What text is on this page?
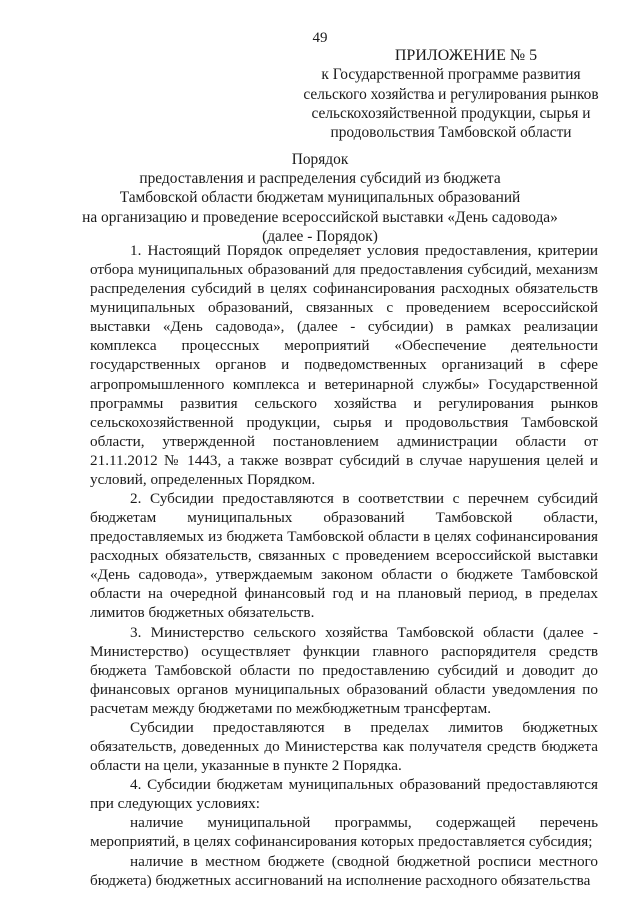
49
ПРИЛОЖЕНИЕ № 5
к Государственной программе развития
сельского хозяйства и регулирования рынков
сельскохозяйственной продукции, сырья и
продовольствия Тамбовской области
Порядок
предоставления и распределения субсидий из бюджета
Тамбовской области бюджетам муниципальных образований
на организацию и проведение всероссийской выставки «День садовода»
(далее - Порядок)

1. Настоящий Порядок определяет условия предоставления, критерии отбора муниципальных образований для предоставления субсидий, механизм распределения субсидий в целях софинансирования расходных обязательств муниципальных образований, связанных с проведением всероссийской выставки «День садовода», (далее - субсидии) в рамках реализации комплекса процессных мероприятий «Обеспечение деятельности государственных органов и подведомственных организаций в сфере агропромышленного комплекса и ветеринарной службы» Государственной программы развития сельского хозяйства и регулирования рынков сельскохозяйственной продукции, сырья и продовольствия Тамбовской области, утвержденной постановлением администрации области от 21.11.2012 № 1443, а также возврат субсидий в случае нарушения целей и условий, определенных Порядком.

2. Субсидии предоставляются в соответствии с перечнем субсидий бюджетам муниципальных образований Тамбовской области, предоставляемых из бюджета Тамбовской области в целях софинансирования расходных обязательств, связанных с проведением всероссийской выставки «День садовода», утверждаемым законом области о бюджете Тамбовской области на очередной финансовый год и на плановый период, в пределах лимитов бюджетных обязательств.

3. Министерство сельского хозяйства Тамбовской области (далее - Министерство) осуществляет функции главного распорядителя средств бюджета Тамбовской области по предоставлению субсидий и доводит до финансовых органов муниципальных образований области уведомления по расчетам между бюджетами по межбюджетным трансфертам.

Субсидии предоставляются в пределах лимитов бюджетных обязательств, доведенных до Министерства как получателя средств бюджета области на цели, указанные в пункте 2 Порядка.

4. Субсидии бюджетам муниципальных образований предоставляются при следующих условиях:

наличие муниципальной программы, содержащей перечень мероприятий, в целях софинансирования которых предоставляется субсидия;

наличие в местном бюджете (сводной бюджетной росписи местного бюджета) бюджетных ассигнований на исполнение расходного обязательства
